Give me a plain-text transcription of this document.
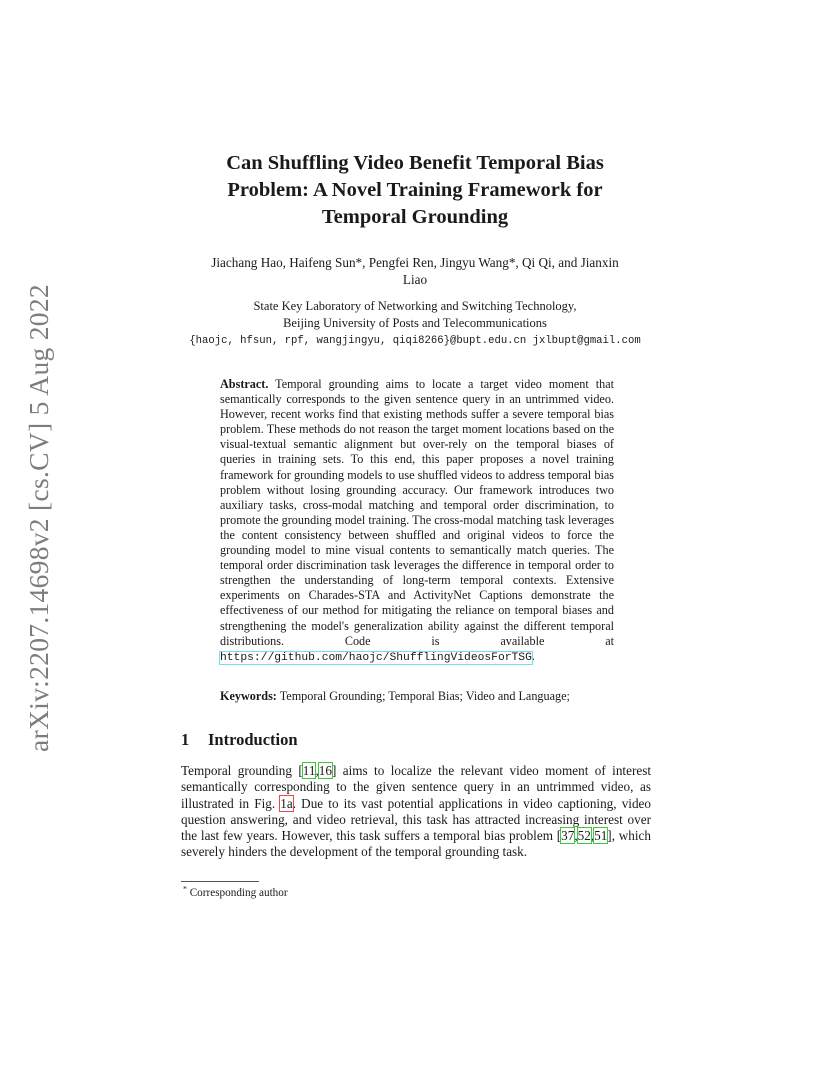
arXiv:2207.14698v2 [cs.CV] 5 Aug 2022
Can Shuffling Video Benefit Temporal Bias
Problem: A Novel Training Framework for
Temporal Grounding
Jiachang Hao, Haifeng Sun*, Pengfei Ren, Jingyu Wang*, Qi Qi, and Jianxin
Liao
State Key Laboratory of Networking and Switching Technology,
Beijing University of Posts and Telecommunications
{haojc, hfsun, rpf, wangjingyu, qiqi8266}@bupt.edu.cn jxlbupt@gmail.com

Abstract. Temporal grounding aims to locate a target video moment that semantically corresponds to the given sentence query in an untrimmed video. However, recent works find that existing methods suffer a severe temporal bias problem. These methods do not reason the target moment locations based on the visual-textual semantic alignment but over-rely on the temporal biases of queries in training sets. To this end, this paper proposes a novel training framework for grounding models to use shuffled videos to address temporal bias problem without losing grounding accuracy. Our framework introduces two auxiliary tasks, cross-modal matching and temporal order discrimination, to promote the grounding model training. The cross-modal matching task leverages the content consistency between shuffled and original videos to force the grounding model to mine visual contents to semantically match queries. The temporal order discrimination task leverages the difference in temporal order to strengthen the understanding of long-term temporal contexts. Extensive experiments on Charades-STA and ActivityNet Captions demonstrate the effectiveness of our method for mitigating the reliance on temporal biases and strengthening the model's generalization ability against the different temporal distributions. Code is available at https://github.com/haojc/ShufflingVideosForTSG.

Keywords: Temporal Grounding; Temporal Bias; Video and Language;
1 Introduction

Temporal grounding [11,16] aims to localize the relevant video moment of interest semantically corresponding to the given sentence query in an untrimmed video, as illustrated in Fig. 1a. Due to its vast potential applications in video captioning, video question answering, and video retrieval, this task has attracted increasing interest over the last few years. However, this task suffers a temporal bias problem [37,52,51], which severely hinders the development of the temporal grounding task.

* Corresponding author
